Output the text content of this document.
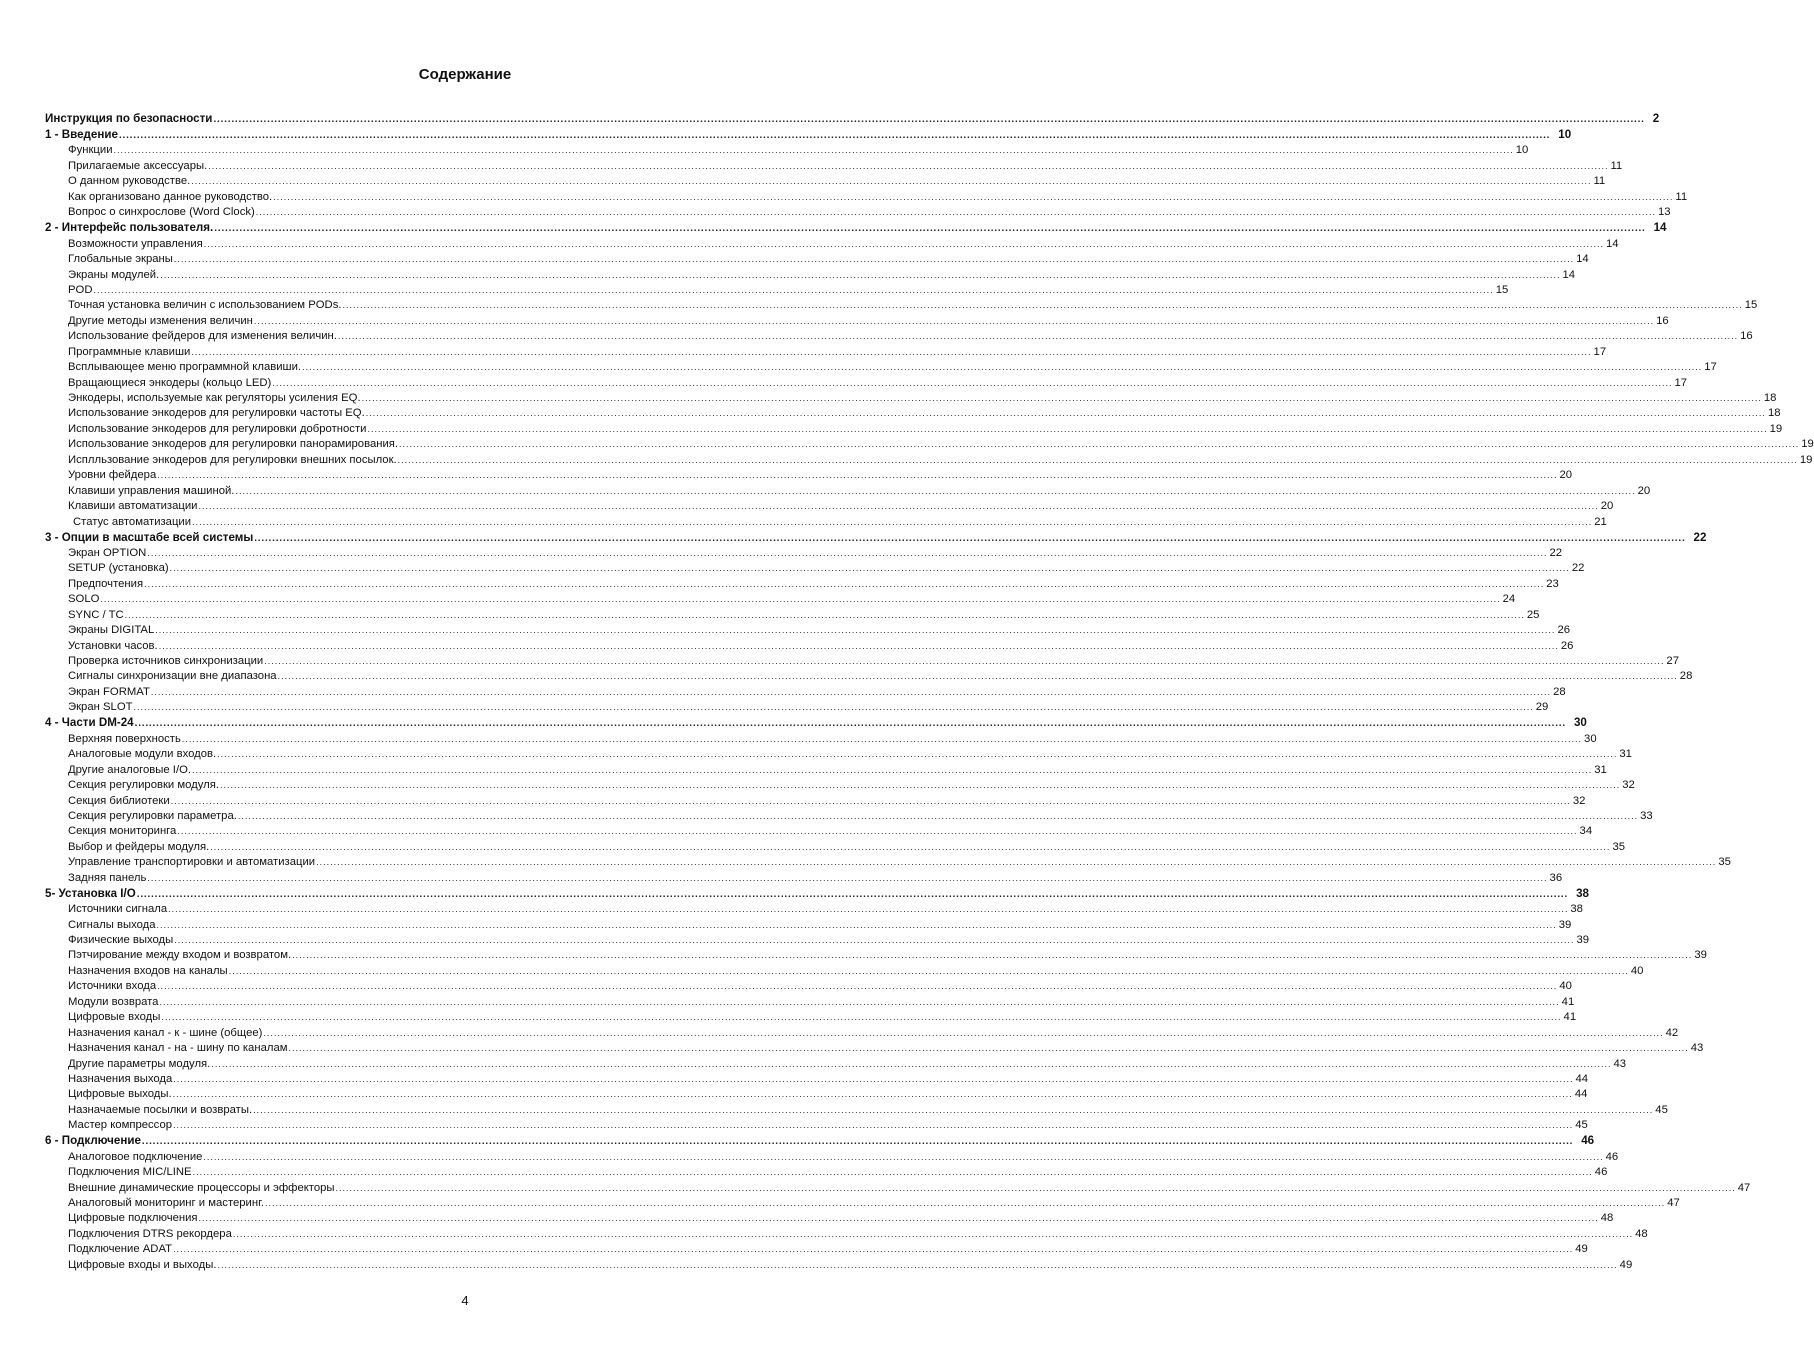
Содержание
Инструкция по безопасности ................................................................................................................................................................................................................................................................................................................................................................................................................ 2
1 - Введение ................................................................................................................................................................................................................................................................................................................................................................................................................ 10
Функции ................................................................................................................................................................................................................................................................................................................................................................................................................ 10
Прилагаемые аксессуары. ................................................................................................................................................................................................................................................................................................................................................................................................................ 11
О данном руководстве. ................................................................................................................................................................................................................................................................................................................................................................................................................ 11
Как организовано данное руководство. ................................................................................................................................................................................................................................................................................................................................................................................................................ 11
Вопрос о синхрослове (Word Clock) ................................................................................................................................................................................................................................................................................................................................................................................................................ 13
2 - Интерфейс пользователя. ................................................................................................................................................................................................................................................................................................................................................................................................................ 14
Возможности управления ................................................................................................................................................................................................................................................................................................................................................................................................................ 14
Глобальные экраны ................................................................................................................................................................................................................................................................................................................................................................................................................ 14
Экраны модулей. ................................................................................................................................................................................................................................................................................................................................................................................................................ 14
POD ................................................................................................................................................................................................................................................................................................................................................................................................................ 15
Точная установка величин с использованием PODs. ................................................................................................................................................................................................................................................................................................................................................................................................................ 15
Другие методы изменения величин ................................................................................................................................................................................................................................................................................................................................................................................................................ 16
Использование фейдеров для изменения величин. ................................................................................................................................................................................................................................................................................................................................................................................................................ 16
Программные клавиши ................................................................................................................................................................................................................................................................................................................................................................................................................ 17
Всплывающее меню программной клавиши. ................................................................................................................................................................................................................................................................................................................................................................................................................ 17
Вращающиеся энкодеры (кольцо LED) ................................................................................................................................................................................................................................................................................................................................................................................................................ 17
Энкодеры, используемые как регуляторы усиления EQ. ................................................................................................................................................................................................................................................................................................................................................................................................................ 18
Использование энкодеров для регулировки частоты EQ. ................................................................................................................................................................................................................................................................................................................................................................................................................ 18
Использование энкодеров для регулировки добротности ................................................................................................................................................................................................................................................................................................................................................................................................................ 19
Использование энкодеров для регулировки панорамирования. ................................................................................................................................................................................................................................................................................................................................................................................................................ 19
Исплльзование энкодеров для регулировки внешних посылок. ................................................................................................................................................................................................................................................................................................................................................................................................................ 19
Уровни фейдера ................................................................................................................................................................................................................................................................................................................................................................................................................ 20
Клавиши управления машиной. ................................................................................................................................................................................................................................................................................................................................................................................................................ 20
Клавиши автоматизации ................................................................................................................................................................................................................................................................................................................................................................................................................ 20
Статус автоматизации ................................................................................................................................................................................................................................................................................................................................................................................................................ 21
3 - Опции в масштабе всей системы ................................................................................................................................................................................................................................................................................................................................................................................................................ 22
Экран OPTION ................................................................................................................................................................................................................................................................................................................................................................................................................ 22
SETUP (установка) ................................................................................................................................................................................................................................................................................................................................................................................................................ 22
Предпочтения ................................................................................................................................................................................................................................................................................................................................................................................................................ 23
SOLO ................................................................................................................................................................................................................................................................................................................................................................................................................ 24
SYNC / TC ................................................................................................................................................................................................................................................................................................................................................................................................................ 25
Экраны DIGITAL ................................................................................................................................................................................................................................................................................................................................................................................................................ 26
Установки часов. ................................................................................................................................................................................................................................................................................................................................................................................................................ 26
Проверка источников синхронизации ................................................................................................................................................................................................................................................................................................................................................................................................................ 27
Сигналы синхронизации вне диапазона ................................................................................................................................................................................................................................................................................................................................................................................................................ 28
Экран FORMAT ................................................................................................................................................................................................................................................................................................................................................................................................................ 28
Экран SLOT ................................................................................................................................................................................................................................................................................................................................................................................................................ 29
4 - Части DM-24 ................................................................................................................................................................................................................................................................................................................................................................................................................ 30
Верхняя поверхность ................................................................................................................................................................................................................................................................................................................................................................................................................ 30
Аналоговые модули входов. ................................................................................................................................................................................................................................................................................................................................................................................................................ 31
Другие аналоговые I/O. ................................................................................................................................................................................................................................................................................................................................................................................................................ 31
Секция регулировки модуля. ................................................................................................................................................................................................................................................................................................................................................................................................................ 32
Секция библиотеки ................................................................................................................................................................................................................................................................................................................................................................................................................ 32
Секция регулировки параметра. ................................................................................................................................................................................................................................................................................................................................................................................................................ 33
Секция мониторинга ................................................................................................................................................................................................................................................................................................................................................................................................................ 34
Выбор и фейдеры модуля. ................................................................................................................................................................................................................................................................................................................................................................................................................ 35
Управление транспортировки и автоматизации ................................................................................................................................................................................................................................................................................................................................................................................................................ 35
Задняя панель ................................................................................................................................................................................................................................................................................................................................................................................................................ 36
5- Установка I/O ................................................................................................................................................................................................................................................................................................................................................................................................................ 38
Источники сигнала ................................................................................................................................................................................................................................................................................................................................................................................................................ 38
Сигналы выхода ................................................................................................................................................................................................................................................................................................................................................................................................................ 39
Физические выходы ................................................................................................................................................................................................................................................................................................................................................................................................................ 39
Пэтчирование между входом и возвратом. ................................................................................................................................................................................................................................................................................................................................................................................................................ 39
Назначения входов на каналы ................................................................................................................................................................................................................................................................................................................................................................................................................ 40
Источники входа ................................................................................................................................................................................................................................................................................................................................................................................................................ 40
Модули возврата ................................................................................................................................................................................................................................................................................................................................................................................................................ 41
Цифровые входы ................................................................................................................................................................................................................................................................................................................................................................................................................ 41
Назначения канал - к - шине (общее) ................................................................................................................................................................................................................................................................................................................................................................................................................ 42
Назначения канал - на - шину по каналам ................................................................................................................................................................................................................................................................................................................................................................................................................ 43
Другие параметры модуля. ................................................................................................................................................................................................................................................................................................................................................................................................................ 43
Назначения выхода ................................................................................................................................................................................................................................................................................................................................................................................................................ 44
Цифровые выходы. ................................................................................................................................................................................................................................................................................................................................................................................................................ 44
Назначаемые посылки и возвраты. ................................................................................................................................................................................................................................................................................................................................................................................................................ 45
Мастер компрессор ................................................................................................................................................................................................................................................................................................................................................................................................................ 45
6 - Подключение ................................................................................................................................................................................................................................................................................................................................................................................................................ 46
Аналоговое подключение ................................................................................................................................................................................................................................................................................................................................................................................................................ 46
Подключения MIC/LINE ................................................................................................................................................................................................................................................................................................................................................................................................................ 46
Внешние динамические процессоры и эффекторы ................................................................................................................................................................................................................................................................................................................................................................................................................ 47
Аналоговый мониторинг и мастеринг. ................................................................................................................................................................................................................................................................................................................................................................................................................ 47
Цифровые подключения ................................................................................................................................................................................................................................................................................................................................................................................................................ 48
Подключения DTRS рекордера ................................................................................................................................................................................................................................................................................................................................................................................................................ 48
Подключение ADAT ................................................................................................................................................................................................................................................................................................................................................................................................................ 49
Цифровые входы и выходы. ................................................................................................................................................................................................................................................................................................................................................................................................................ 49
4
